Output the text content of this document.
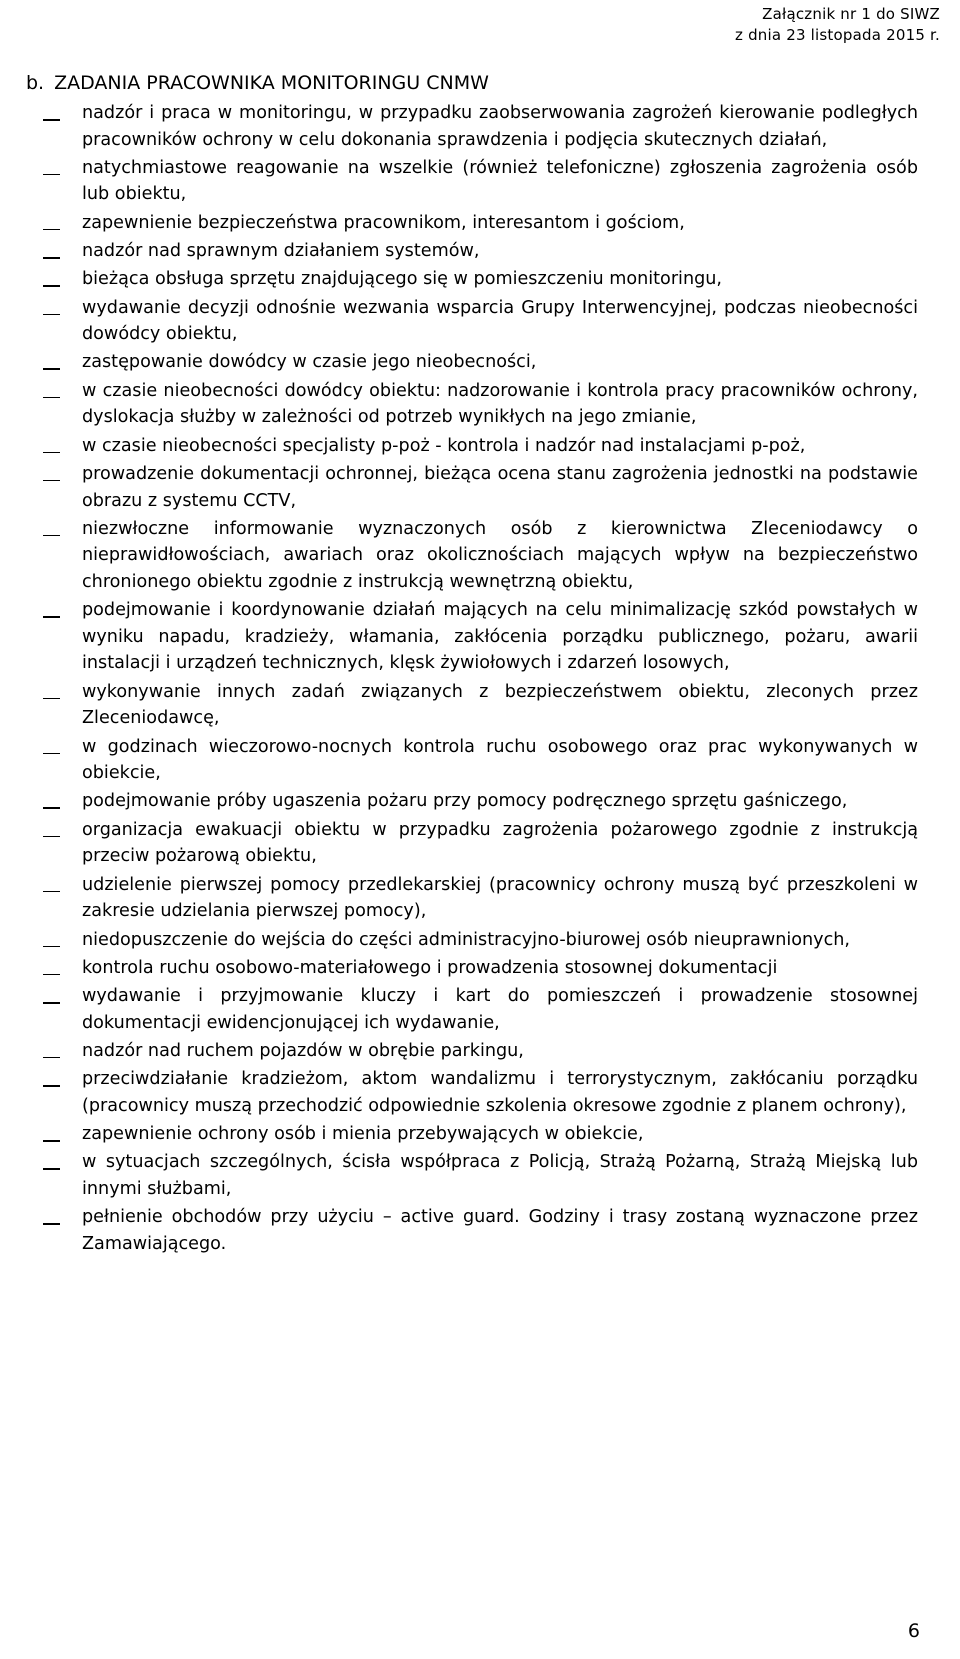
Załącznik nr 1 do SIWZ
z dnia 23 listopada 2015 r.
b. ZADANIA PRACOWNIKA MONITORINGU CNMW
nadzór i praca w monitoringu, w przypadku zaobserwowania zagrożeń kierowanie podległych pracowników ochrony w celu dokonania sprawdzenia i podjęcia skutecznych działań,
natychmiastowe reagowanie na wszelkie (również telefoniczne) zgłoszenia zagrożenia osób lub obiektu,
zapewnienie bezpieczeństwa pracownikom, interesantom i gościom,
nadzór nad sprawnym działaniem systemów,
bieżąca obsługa sprzętu znajdującego się w pomieszczeniu monitoringu,
wydawanie decyzji odnośnie wezwania wsparcia Grupy Interwencyjnej, podczas nieobecności dowódcy obiektu,
zastępowanie dowódcy w czasie jego nieobecności,
w czasie nieobecności dowódcy obiektu: nadzorowanie i kontrola pracy pracowników ochrony, dyslokacja służby w zależności od potrzeb wynikłych na jego zmianie,
w czasie nieobecności specjalisty p-poż - kontrola i nadzór nad instalacjami p-poż,
prowadzenie dokumentacji ochronnej, bieżąca ocena stanu zagrożenia jednostki na podstawie obrazu z systemu CCTV,
niezwłoczne informowanie wyznaczonych osób z kierownictwa Zleceniodawcy o nieprawidłowościach, awariach oraz okolicznościach mających wpływ na bezpieczeństwo chronionego obiektu zgodnie z instrukcją wewnętrzną obiektu,
podejmowanie i koordynowanie działań mających na celu minimalizację szkód powstałych w wyniku napadu, kradzieży, włamania, zakłócenia porządku publicznego, pożaru, awarii instalacji i urządzeń technicznych, klęsk żywiołowych i zdarzeń losowych,
wykonywanie innych zadań związanych z bezpieczeństwem obiektu, zleconych przez Zleceniodawcę,
w godzinach wieczorowo-nocnych kontrola ruchu osobowego oraz prac wykonywanych w obiekcie,
podejmowanie próby ugaszenia pożaru przy pomocy podręcznego sprzętu gaśniczego,
organizacja ewakuacji obiektu w przypadku zagrożenia pożarowego zgodnie z instrukcją przeciw pożarową obiektu,
udzielenie pierwszej pomocy przedlekarskiej (pracownicy ochrony muszą być przeszkoleni w zakresie udzielania pierwszej pomocy),
niedopuszczenie do wejścia do części administracyjno-biurowej osób nieuprawnionych,
kontrola ruchu osobowo-materiałowego i prowadzenia stosownej dokumentacji
wydawanie i przyjmowanie kluczy i kart do pomieszczeń i prowadzenie stosownej dokumentacji ewidencjonującej ich wydawanie,
nadzór nad ruchem pojazdów w obrębie parkingu,
przeciwdziałanie kradzieżom, aktom wandalizmu i terrorystycznym, zakłócaniu porządku (pracownicy muszą przechodzić odpowiednie szkolenia okresowe zgodnie z planem ochrony),
zapewnienie ochrony osób i mienia przebywających w obiekcie,
w sytuacjach szczególnych, ścisła współpraca z Policją, Strażą Pożarną, Strażą Miejską lub innymi służbami,
pełnienie obchodów przy użyciu – active guard. Godziny i trasy zostaną wyznaczone przez Zamawiającego.
6
